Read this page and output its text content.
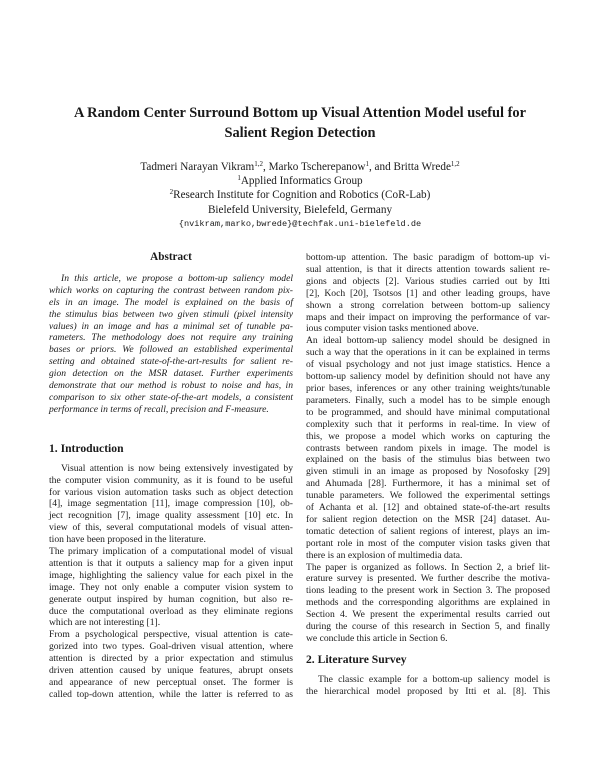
A Random Center Surround Bottom up Visual Attention Model useful for
Salient Region Detection
Tadmeri Narayan Vikram$^{1,2}$, Marko Tscherepanow$^1$, and Britta Wrede$^{1,2}$
$^1$Applied Informatics Group
$^2$Research Institute for Cognition and Robotics (CoR-Lab)
Bielefeld University, Bielefeld, Germany
{nvikram,marko,bwrede}@techfak.uni-bielefeld.de
Abstract
In this article, we propose a bottom-up saliency model
which works on capturing the contrast between random pix-
els in an image. The model is explained on the basis of
the stimulus bias between two given stimuli (pixel intensity
values) in an image and has a minimal set of tunable pa-
rameters. The methodology does not require any training
bases or priors. We followed an established experimental
setting and obtained state-of-the-art-results for salient re-
gion detection on the MSR dataset. Further experiments
demonstrate that our method is robust to noise and has, in
comparison to six other state-of-the-art models, a consistent
performance in terms of recall, precision and F-measure.
1. Introduction
Visual attention is now being extensively investigated by
the computer vision community, as it is found to be useful
for various vision automation tasks such as object detection
[4], image segmentation [11], image compression [10], ob-
ject recognition [7], image quality assessment [10] etc. In
view of this, several computational models of visual atten-
tion have been proposed in the literature.
The primary implication of a computational model of visual
attention is that it outputs a saliency map for a given input
image, highlighting the saliency value for each pixel in the
image. They not only enable a computer vision system to
generate output inspired by human cognition, but also re-
duce the computational overload as they eliminate regions
which are not interesting [1].
From a psychological perspective, visual attention is cate-
gorized into two types. Goal-driven visual attention, where
attention is directed by a prior expectation and stimulus
driven attention caused by unique features, abrupt onsets
and appearance of new perceptual onset. The former is
called top-down attention, while the latter is referred to as
bottom-up attention. The basic paradigm of bottom-up vi-
sual attention, is that it directs attention towards salient re-
gions and objects [2]. Various studies carried out by Itti
[2], Koch [20], Tsotsos [1] and other leading groups, have
shown a strong correlation between bottom-up saliency
maps and their impact on improving the performance of var-
ious computer vision tasks mentioned above.
An ideal bottom-up saliency model should be designed in
such a way that the operations in it can be explained in terms
of visual psychology and not just image statistics. Hence a
bottom-up saliency model by definition should not have any
prior bases, inferences or any other training weights/tunable
parameters. Finally, such a model has to be simple enough
to be programmed, and should have minimal computational
complexity such that it performs in real-time. In view of
this, we propose a model which works on capturing the
contrasts between random pixels in image. The model is
explained on the basis of the stimulus bias between two
given stimuli in an image as proposed by Nosofosky [29]
and Ahumada [28]. Furthermore, it has a minimal set of
tunable parameters. We followed the experimental settings
of Achanta et al. [12] and obtained state-of-the-art results
for salient region detection on the MSR [24] dataset. Au-
tomatic detection of salient regions of interest, plays an im-
portant role in most of the computer vision tasks given that
there is an explosion of multimedia data.
The paper is organized as follows. In Section 2, a brief lit-
erature survey is presented. We further describe the motiva-
tions leading to the present work in Section 3. The proposed
methods and the corresponding algorithms are explained in
Section 4. We present the experimental results carried out
during the course of this research in Section 5, and finally
we conclude this article in Section 6.
2. Literature Survey
The classic example for a bottom-up saliency model is
the hierarchical model proposed by Itti et al. [8]. This
